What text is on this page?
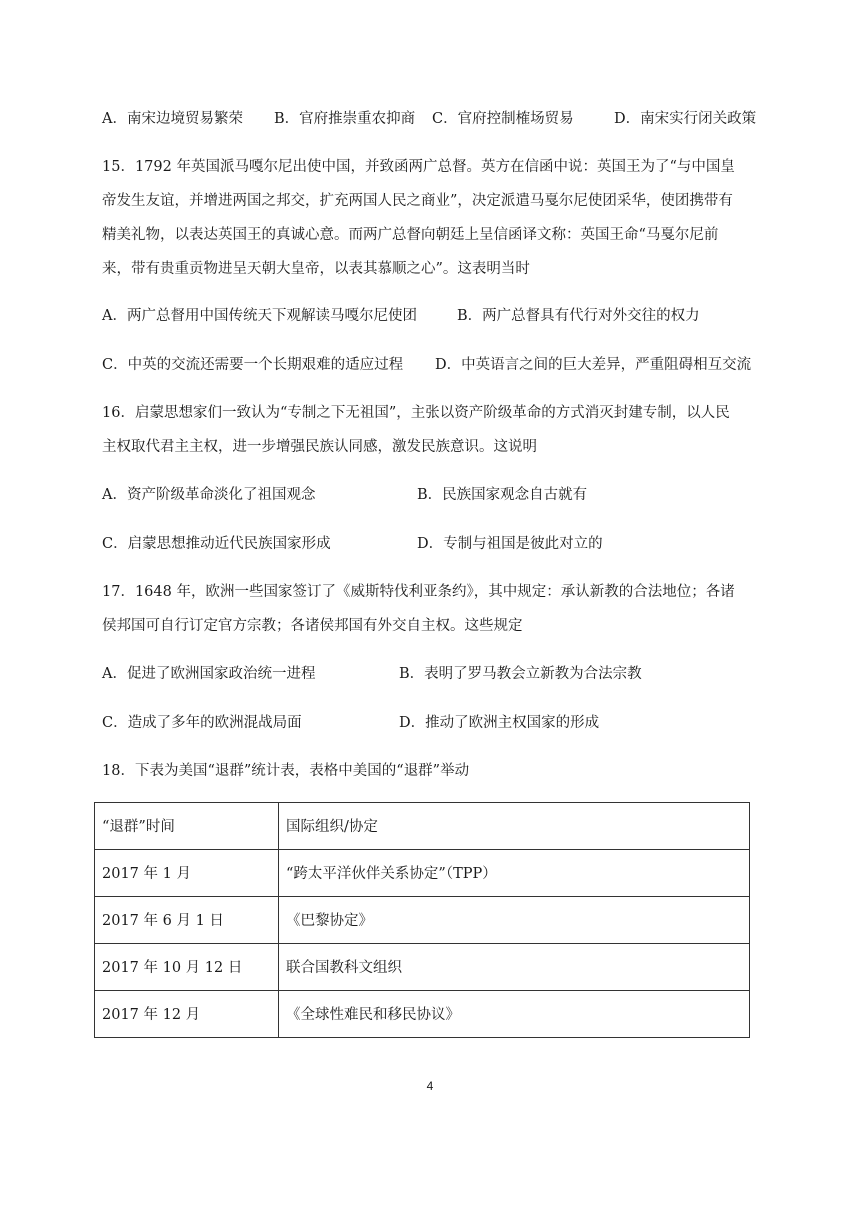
A．南宋边境贸易繁荣 B．官府推崇重农抑商 C．官府控制榷场贸易	D．南宋实行闭关政策
15．1792 年英国派马嘎尔尼出使中国，并致函两广总督。英方在信函中说：英国王为了“与中国皇
帝发生友谊，并增进两国之邦交，扩充两国人民之商业”，决定派遣马戛尔尼使团采华，使团携带有
精美礼物，以表达英国王的真诚心意。而两广总督向朝廷上呈信函译文称：英国王命“马戛尔尼前
来，带有贵重贡物进呈天朝大皇帝，以表其慕顺之心”。这表明当时
A．两广总督用中国传统天下观解读马嘎尔尼使团	B．两广总督具有代行对外交往的权力
C．中英的交流还需要一个长期艰难的适应过程 D．中英语言之间的巨大差异，严重阻碍相互交流
16．启蒙思想家们一致认为“专制之下无祖国”，主张以资产阶级革命的方式消灭封建专制，以人民
主权取代君主主权，进一步增强民族认同感，激发民族意识。这说明
A．资产阶级革命淡化了祖国观念	B．民族国家观念自古就有
C．启蒙思想推动近代民族国家形成	D．专制与祖国是彼此对立的
17．1648 年，欧洲一些国家签订了《威斯特伐利亚条约》，其中规定：承认新教的合法地位；各诸
侯邦国可自行订定官方宗教；各诸侯邦国有外交自主权。这些规定
A．促进了欧洲国家政治统一进程	B．表明了罗马教会立新教为合法宗教
C．造成了多年的欧洲混战局面	D．推动了欧洲主权国家的形成
18．下表为美国“退群”统计表，表格中美国的“退群”举动
“退群”时间	国际组织/协定
2017 年 1 月	“跨太平洋伙伴关系协定”（TPP）
2017 年 6 月 1 日	《巴黎协定》
2017 年 10 月 12 日	联合国教科文组织
2017 年 12 月	《全球性难民和移民协议》
4
